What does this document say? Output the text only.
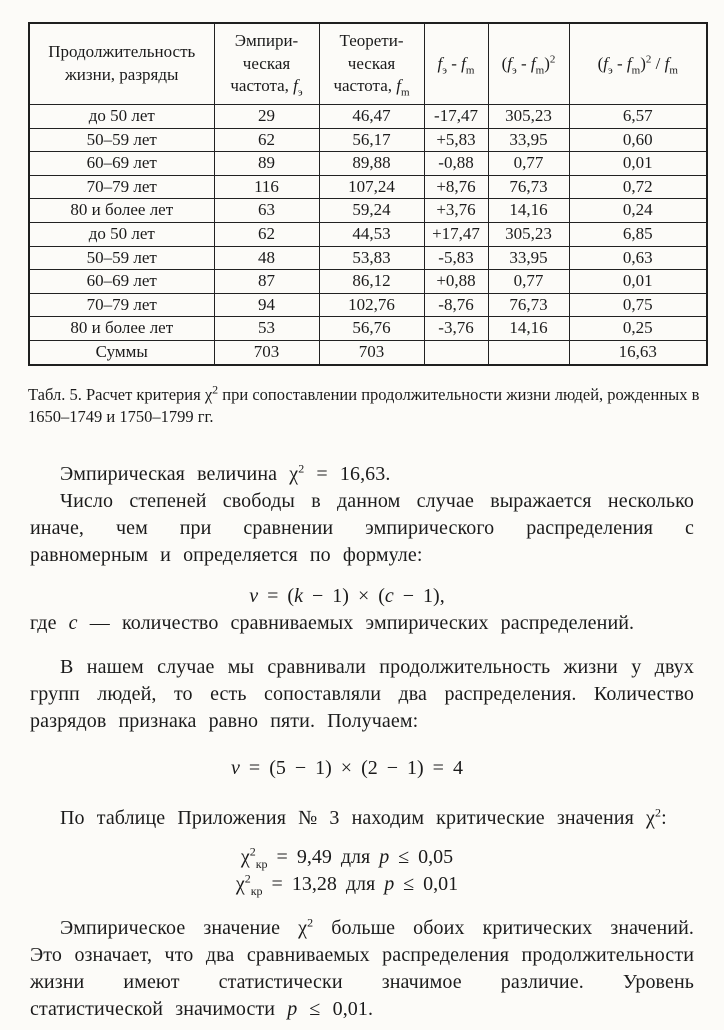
Продолжительность жизни, разряды	Эмпири-
ческая
частота, $f_э$	Теорети-
ческая
частота, $f_m$	$f_э - f_m$	$(f_э - f_m)^2$	$(f_э - f_m)^2 / f_m$
до 50 лет	29	46,47	-17,47	305,23	6,57
50–59 лет	62	56,17	+5,83	33,95	0,60
60–69 лет	89	89,88	-0,88	0,77	0,01
70–79 лет	116	107,24	+8,76	76,73	0,72
80 и более лет	63	59,24	+3,76	14,16	0,24
до 50 лет	62	44,53	+17,47	305,23	6,85
50–59 лет	48	53,83	-5,83	33,95	0,63
60–69 лет	87	86,12	+0,88	0,77	0,01
70–79 лет	94	102,76	-8,76	76,73	0,75
80 и более лет	53	56,76	-3,76	14,16	0,25
Суммы	703	703			16,63

Табл. 5. Расчет критерия $\chi^2$ при сопоставлении продолжительности жизни людей, рожденных в 1650–1749 и 1750–1799 гг.

Эмпирическая величина $\chi^2 = 16,63$.

Число степеней свободы в данном случае выражается несколько иначе, чем при сравнении эмпирического распределения с равномерным и определяется по формуле:

ν = (k − 1) × (c − 1),

где c — количество сравниваемых эмпирических распределений.

В нашем случае мы сравнивали продолжительность жизни у двух групп людей, то есть сопоставляли два распределения. Количество разрядов признака равно пяти. Получаем:

ν = (5 − 1) × (2 − 1) = 4

По таблице Приложения № 3 находим критические значения $\chi^2$:

$\chi^2_{кр} = 9,49$ для p ≤ 0,05
$\chi^2_{кр} = 13,28$ для p ≤ 0,01

Эмпирическое значение $\chi^2$ больше обоих критических значений. Это означает, что два сравниваемых распределения продолжительности жизни имеют статистически значимое различие. Уровень статистической значимости p ≤ 0,01.
